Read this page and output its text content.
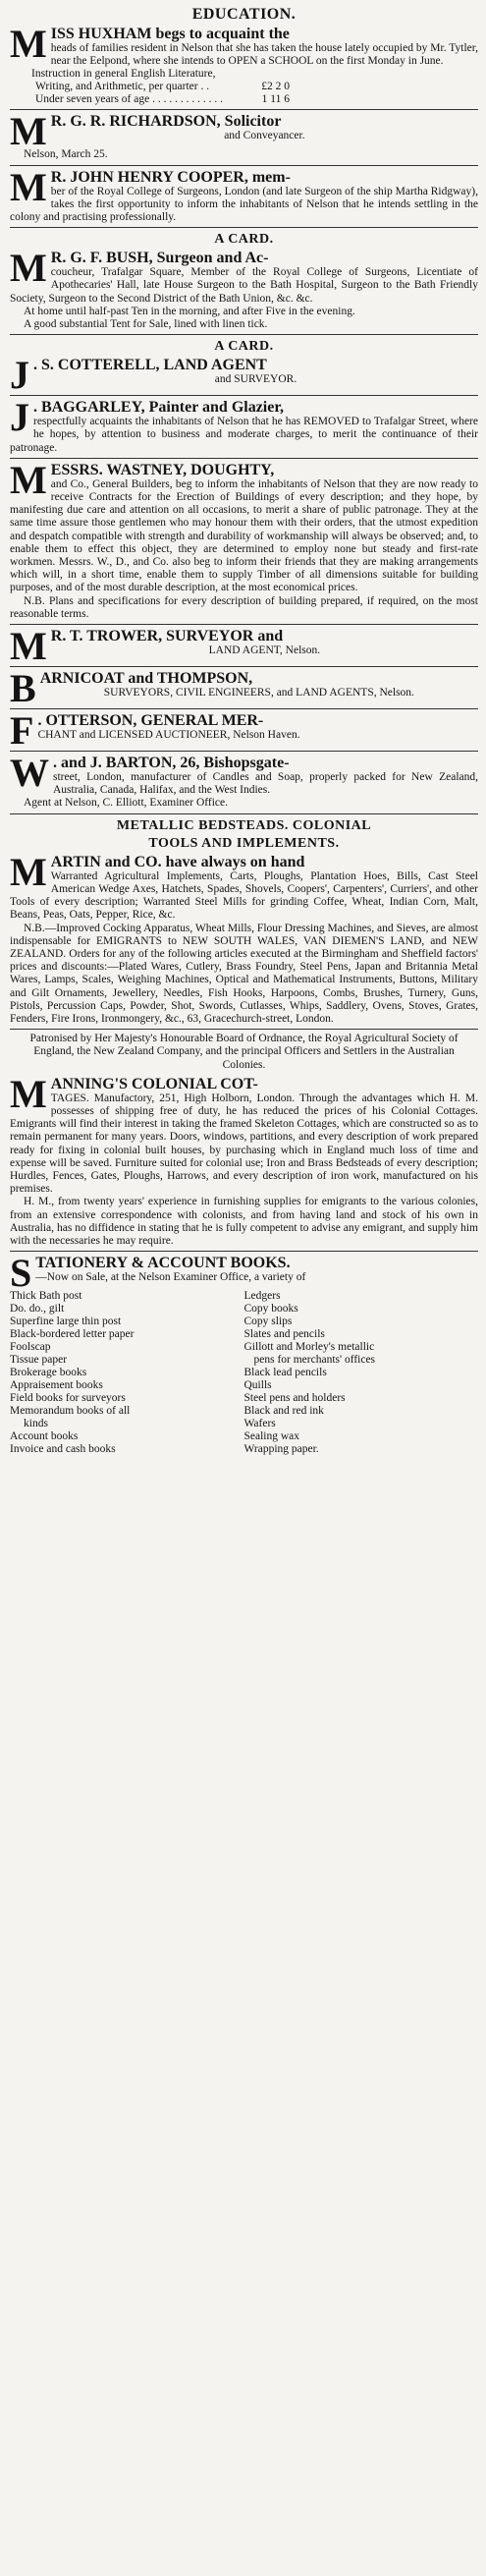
EDUCATION.

M ISS HUXHAM begs to acquaint the

heads of families resident in Nelson that she has taken the house lately occupied by Mr. Tytler, near the Eelpond, where she intends to OPEN a SCHOOL on the first Monday in June.

Instruction in general English Literature,
Writing, and Arithmetic, per quarter . .	£2 2 0
Under seven years of age . . . . . . . . . . . . .	1 11 6

M R. G. R. RICHARDSON, Solicitor

and Conveyancer.
Nelson, March 25.

M R. JOHN HENRY COOPER, mem-

ber of the Royal College of Surgeons, London (and late Surgeon of the ship Martha Ridgway), takes the first opportunity to inform the inhabitants of Nelson that he intends settling in the colony and practising professionally.

A CARD.

M R. G. F. BUSH, Surgeon and Ac-

coucheur, Trafalgar Square, Member of the Royal College of Surgeons, Licentiate of Apothecaries' Hall, late House Surgeon to the Bath Hospital, Surgeon to the Bath Friendly Society, Surgeon to the Second District of the Bath Union, &c. &c.

At home until half-past Ten in the morning, and after Five in the evening.

A good substantial Tent for Sale, lined with linen tick.

A CARD.

J . S. COTTERELL, LAND AGENT

and SURVEYOR.

J . BAGGARLEY, Painter and Glazier,

respectfully acquaints the inhabitants of Nelson that he has REMOVED to Trafalgar Street, where he hopes, by attention to business and moderate charges, to merit the continuance of their patronage.

M ESSRS. WASTNEY, DOUGHTY,

and Co., General Builders, beg to inform the inhabitants of Nelson that they are now ready to receive Contracts for the Erection of Buildings of every description; and they hope, by manifesting due care and attention on all occasions, to merit a share of public patronage. They at the same time assure those gentlemen who may honour them with their orders, that the utmost expedition and despatch compatible with strength and durability of workmanship will always be observed; and, to enable them to effect this object, they are determined to employ none but steady and first-rate workmen. Messrs. W., D., and Co. also beg to inform their friends that they are making arrangements which will, in a short time, enable them to supply Timber of all dimensions suitable for building purposes, and of the most durable description, at the most economical prices.

N.B. Plans and specifications for every description of building prepared, if required, on the most reasonable terms.

M R. T. TROWER, SURVEYOR and

LAND AGENT, Nelson.

B ARNICOAT and THOMPSON,

SURVEYORS, CIVIL ENGINEERS, and LAND AGENTS, Nelson.

F . OTTERSON, GENERAL MER-

CHANT and LICENSED AUCTIONEER, Nelson Haven.

W . and J. BARTON, 26, Bishopsgate-

street, London, manufacturer of Candles and Soap, properly packed for New Zealand, Australia, Canada, Halifax, and the West Indies.

Agent at Nelson, C. Elliott, Examiner Office.

METALLIC BEDSTEADS. COLONIAL
TOOLS AND IMPLEMENTS.

M ARTIN and CO. have always on hand

Warranted Agricultural Implements, Carts, Ploughs, Plantation Hoes, Bills, Cast Steel American Wedge Axes, Hatchets, Spades, Shovels, Coopers', Carpenters', Curriers', and other Tools of every description; Warranted Steel Mills for grinding Coffee, Wheat, Indian Corn, Malt, Beans, Peas, Oats, Pepper, Rice, &c.

N.B.—Improved Cocking Apparatus, Wheat Mills, Flour Dressing Machines, and Sieves, are almost indispensable for EMIGRANTS to NEW SOUTH WALES, VAN DIEMEN'S LAND, and NEW ZEALAND. Orders for any of the following articles executed at the Birmingham and Sheffield factors' prices and discounts:—Plated Wares, Cutlery, Brass Foundry, Steel Pens, Japan and Britannia Metal Wares, Lamps, Scales, Weighing Machines, Optical and Mathematical Instruments, Buttons, Military and Gilt Ornaments, Jewellery, Needles, Fish Hooks, Harpoons, Combs, Brushes, Turnery, Guns, Pistols, Percussion Caps, Powder, Shot, Swords, Cutlasses, Whips, Saddlery, Ovens, Stoves, Grates, Fenders, Fire Irons, Ironmongery, &c., 63, Gracechurch-street, London.

Patronised by Her Majesty's Honourable Board of Ordnance, the Royal Agricultural Society of England, the New Zealand Company, and the principal Officers and Settlers in the Australian Colonies.

M ANNING'S COLONIAL COT-

TAGES. Manufactory, 251, High Holborn, London. Through the advantages which H. M. possesses of shipping free of duty, he has reduced the prices of his Colonial Cottages. Emigrants will find their interest in taking the framed Skeleton Cottages, which are constructed so as to remain permanent for many years. Doors, windows, partitions, and every description of work prepared ready for fixing in colonial built houses, by purchasing which in England much loss of time and expense will be saved. Furniture suited for colonial use; Iron and Brass Bedsteads of every description; Hurdles, Fences, Gates, Ploughs, Harrows, and every description of iron work, manufactured on his premises.

H. M., from twenty years' experience in furnishing supplies for emigrants to the various colonies, from an extensive correspondence with colonists, and from having land and stock of his own in Australia, has no diffidence in stating that he is fully competent to advise any emigrant, and supply him with the necessaries he may require.

S TATIONERY & ACCOUNT BOOKS.

—Now on Sale, at the Nelson Examiner Office, a variety of

Thick Bath post
Do. do., gilt
Superfine large thin post
Black-bordered letter paper
Foolscap
Tissue paper
Brokerage books
Appraisement books
Field books for surveyors
Memorandum books of all
kinds
Account books
Invoice and cash books
Ledgers
Copy books
Copy slips
Slates and pencils
Gillott and Morley's metallic
pens for merchants' offices
Black lead pencils
Quills
Steel pens and holders
Black and red ink
Wafers
Sealing wax
Wrapping paper.
